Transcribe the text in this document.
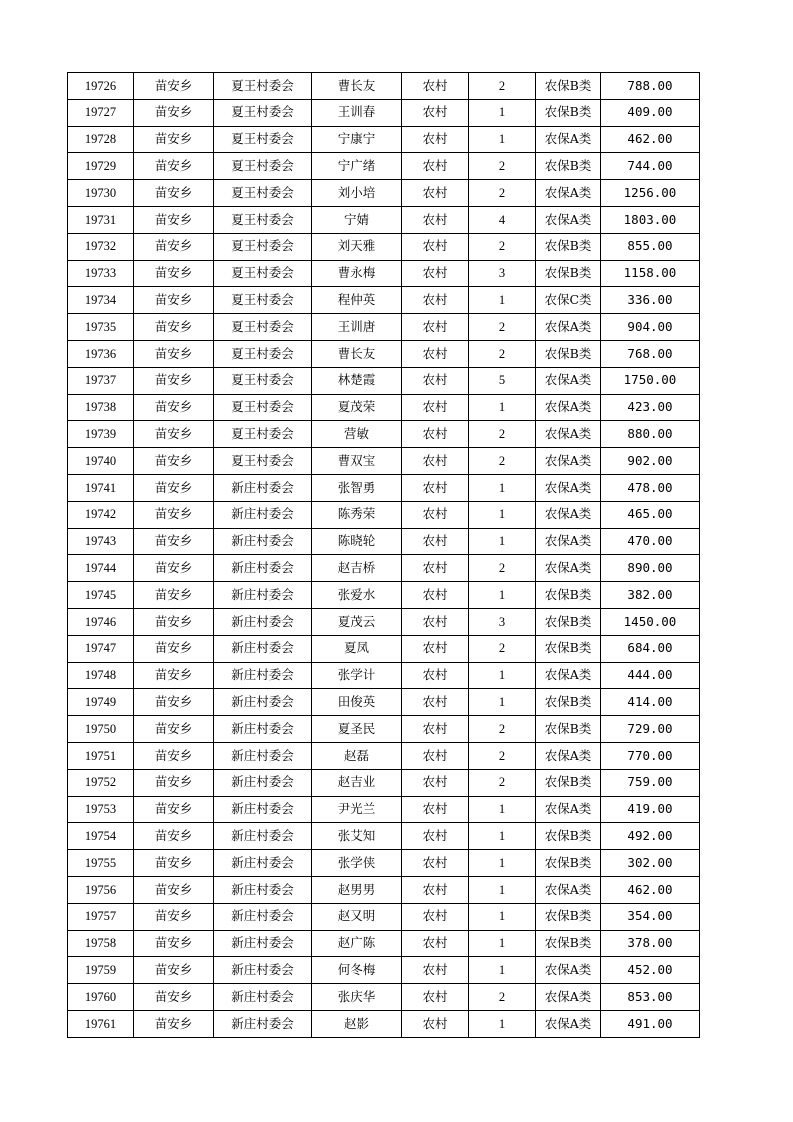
19726	苗安乡	夏王村委会	曹长友	农村	2	农保B类	788.00
19727	苗安乡	夏王村委会	王训春	农村	1	农保B类	409.00
19728	苗安乡	夏王村委会	宁康宁	农村	1	农保A类	462.00
19729	苗安乡	夏王村委会	宁广绪	农村	2	农保B类	744.00
19730	苗安乡	夏王村委会	刘小培	农村	2	农保A类	1256.00
19731	苗安乡	夏王村委会	宁婧	农村	4	农保A类	1803.00
19732	苗安乡	夏王村委会	刘天雅	农村	2	农保B类	855.00
19733	苗安乡	夏王村委会	曹永梅	农村	3	农保B类	1158.00
19734	苗安乡	夏王村委会	程仲英	农村	1	农保C类	336.00
19735	苗安乡	夏王村委会	王训唐	农村	2	农保A类	904.00
19736	苗安乡	夏王村委会	曹长友	农村	2	农保B类	768.00
19737	苗安乡	夏王村委会	林楚霞	农村	5	农保A类	1750.00
19738	苗安乡	夏王村委会	夏茂荣	农村	1	农保A类	423.00
19739	苗安乡	夏王村委会	营敏	农村	2	农保A类	880.00
19740	苗安乡	夏王村委会	曹双宝	农村	2	农保A类	902.00
19741	苗安乡	新庄村委会	张智勇	农村	1	农保A类	478.00
19742	苗安乡	新庄村委会	陈秀荣	农村	1	农保A类	465.00
19743	苗安乡	新庄村委会	陈晓轮	农村	1	农保A类	470.00
19744	苗安乡	新庄村委会	赵吉桥	农村	2	农保A类	890.00
19745	苗安乡	新庄村委会	张爱水	农村	1	农保B类	382.00
19746	苗安乡	新庄村委会	夏茂云	农村	3	农保B类	1450.00
19747	苗安乡	新庄村委会	夏凤	农村	2	农保B类	684.00
19748	苗安乡	新庄村委会	张学计	农村	1	农保A类	444.00
19749	苗安乡	新庄村委会	田俊英	农村	1	农保B类	414.00
19750	苗安乡	新庄村委会	夏圣民	农村	2	农保B类	729.00
19751	苗安乡	新庄村委会	赵磊	农村	2	农保A类	770.00
19752	苗安乡	新庄村委会	赵吉业	农村	2	农保B类	759.00
19753	苗安乡	新庄村委会	尹光兰	农村	1	农保A类	419.00
19754	苗安乡	新庄村委会	张艾知	农村	1	农保B类	492.00
19755	苗安乡	新庄村委会	张学侠	农村	1	农保B类	302.00
19756	苗安乡	新庄村委会	赵男男	农村	1	农保A类	462.00
19757	苗安乡	新庄村委会	赵又明	农村	1	农保B类	354.00
19758	苗安乡	新庄村委会	赵广陈	农村	1	农保B类	378.00
19759	苗安乡	新庄村委会	何冬梅	农村	1	农保A类	452.00
19760	苗安乡	新庄村委会	张庆华	农村	2	农保A类	853.00
19761	苗安乡	新庄村委会	赵影	农村	1	农保A类	491.00
